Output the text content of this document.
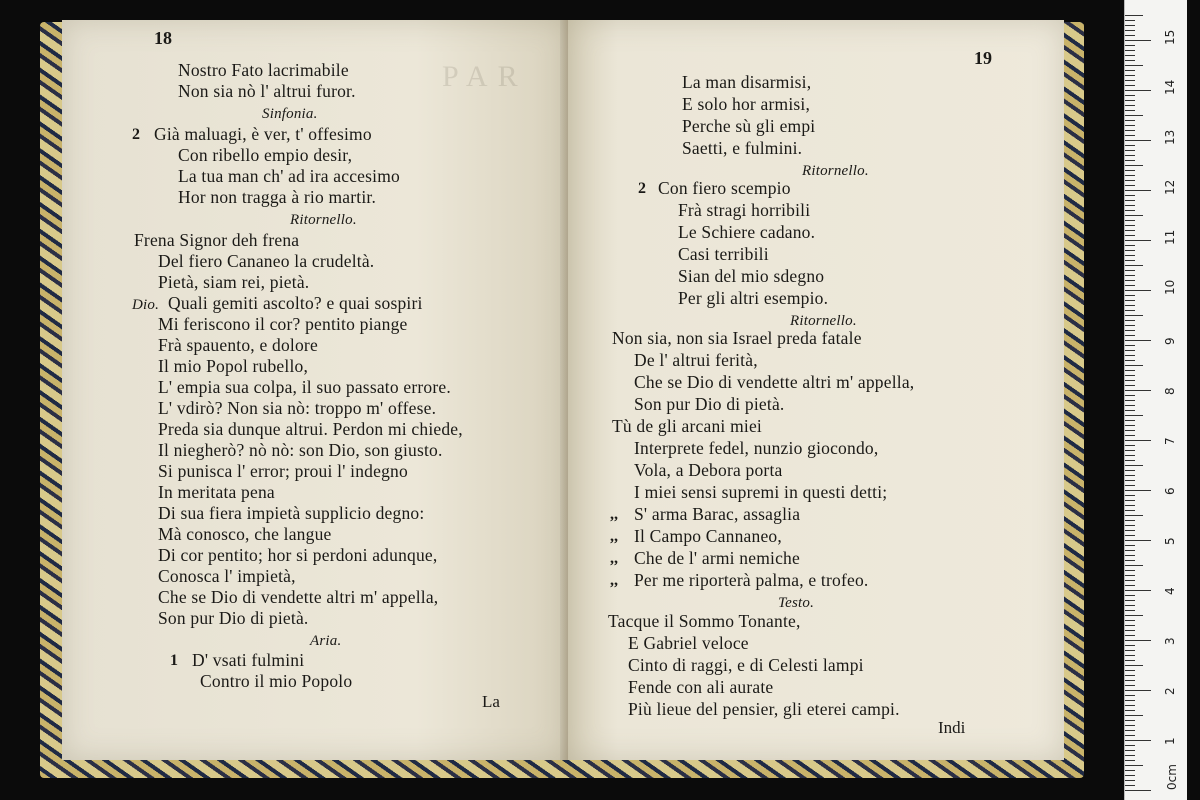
PAR
18
Nostro Fato lacrimabile
Non sia nò l' altrui furor.
Sinfonia.
2 Già maluagi, è ver, t' offesimo
Con ribello empio desir,
La tua man ch' ad ira accesimo
Hor non tragga à rio martir.
Ritornello.
Frena Signor deh frena
Del fiero Cananeo la crudeltà.
Pietà, siam rei, pietà.
Dio. Quali gemiti ascolto? e quai sospiri
Mi feriscono il cor? pentito piange
Frà spauento, e dolore
Il mio Popol rubello,
L' empia sua colpa, il suo passato errore.
L' vdirò? Non sia nò: troppo m' offese.
Preda sia dunque altrui. Perdon mi chiede,
Il niegherò? nò nò: son Dio, son giusto.
Si punisca l' error; proui l' indegno
In meritata pena
Di sua fiera impietà supplicio degno:
Mà conosco, che langue
Di cor pentito; hor si perdoni adunque,
Conosca l' impietà,
Che se Dio di vendette altri m' appella,
Son pur Dio di pietà.
Aria.
1 D' vsati fulmini
Contro il mio Popolo
La
19
La man disarmisi,
E solo hor armisi,
Perche sù gli empi
Saetti, e fulmini.
Ritornello.
2 Con fiero scempio
Frà stragi horribili
Le Schiere cadano.
Casi terribili
Sian del mio sdegno
Per gli altri esempio.
Ritornello.
Non sia, non sia Israel preda fatale
De l' altrui ferità,
Che se Dio di vendette altri m' appella,
Son pur Dio di pietà.
Tù de gli arcani miei
Interprete fedel, nunzio giocondo,
Vola, a Debora porta
I miei sensi supremi in questi detti;
,, S' arma Barac, assaglia
,, Il Campo Cannaneo,
,, Che de l' armi nemiche
,, Per me riporterà palma, e trofeo.
Testo.
Tacque il Sommo Tonante,
E Gabriel veloce
Cinto di raggi, e di Celesti lampi
Fende con ali aurate
Più lieue del pensier, gli eterei campi.
Indi
0cm
1
2
3
4
5
6
7
8
9
10
11
12
13
14
15
